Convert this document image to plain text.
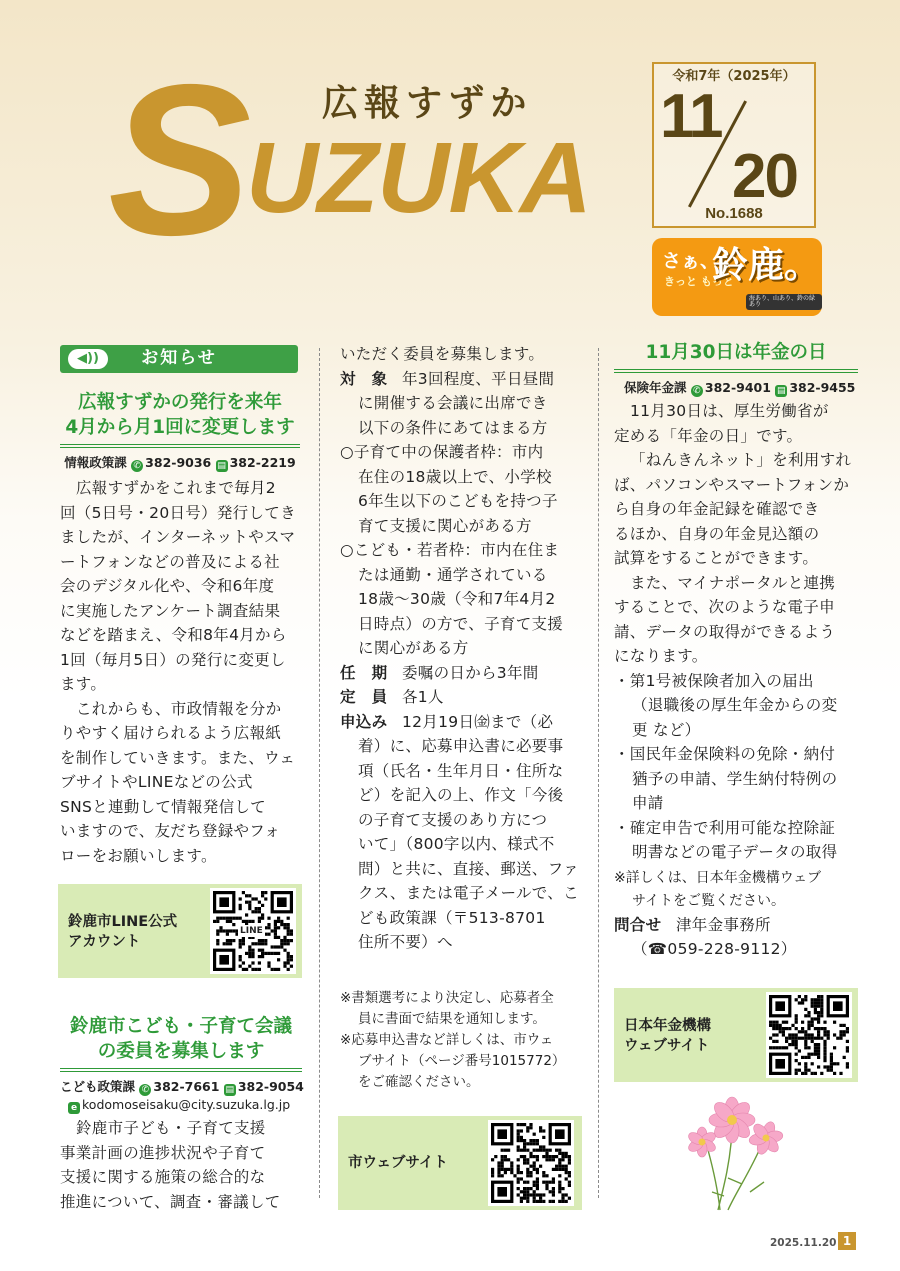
S UZUKA
広報すずか
令和7年（2025年）
11
20
No.1688
さぁ、
きっと もっと
鈴鹿。
海あり、山あり、鈴の緑あり
◀))	お知らせ
広報すずかの発行を来年
4月から月1回に変更します
情報政策課 ✆ 382-9036 ▤ 382-2219
広報すずかをこれまで毎月2
回（5日号・20日号）発行してき
ましたが、インターネットやスマ
ートフォンなどの普及による社
会のデジタル化や、令和6年度
に実施したアンケート調査結果
などを踏まえ、令和8年4月から
1回（毎月5日）の発行に変更し
ます。
これからも、市政情報を分か
りやすく届けられるよう広報紙
を制作していきます。また、ウェ
ブサイトやLINEなどの公式
SNSと連動して情報発信して
いますので、友だち登録やフォ
ローをお願いします。
鈴鹿市LINE公式
アカウント
LINE
鈴鹿市こども・子育て会議
の委員を募集します
こども政策課 ✆ 382-7661 ▤ 382-9054
e kodomoseisaku@city.suzuka.lg.jp
鈴鹿市子ども・子育て支援
事業計画の進捗状況や子育て
支援に関する施策の総合的な
推進について、調査・審議して
いただく委員を募集します。
対　象 年3回程度、平日昼間
に開催する会議に出席でき
以下の条件にあてはまる方
○子育て中の保護者枠：市内
在住の18歳以上で、小学校
6年生以下のこどもを持つ子
育て支援に関心がある方
○こども・若者枠：市内在住ま
たは通勤・通学されている
18歳～30歳（令和7年4月2
日時点）の方で、子育て支援
に関心がある方
任　期 委嘱の日から3年間
定　員 各1人
申込み 12月19日㈮まで（必
着）に、応募申込書に必要事
項（氏名・生年月日・住所な
ど）を記入の上、作文「今後
の子育て支援のあり方につ
いて」（800字以内、様式不
問）と共に、直接、郵送、ファ
クス、または電子メールで、こ
ども政策課（〒513-8701
住所不要）へ
※書類選考により決定し、応募者全
員に書面で結果を通知します。
※応募申込書など詳しくは、市ウェ
ブサイト（ページ番号1015772）
をご確認ください。
市ウェブサイト
11月30日は年金の日
保険年金課 ✆ 382-9401 ▤ 382-9455
11月30日は、厚生労働省が
定める「年金の日」です。
「ねんきんネット」を利用すれ
ば、パソコンやスマートフォンか
ら自身の年金記録を確認でき
るほか、自身の年金見込額の
試算をすることができます。
また、マイナポータルと連携
することで、次のような電子申
請、データの取得ができるよう
になります。
・第1号被保険者加入の届出
（退職後の厚生年金からの変
更 など）
・国民年金保険料の免除・納付
猶予の申請、学生納付特例の
申請
・確定申告で利用可能な控除証
明書などの電子データの取得
※詳しくは、日本年金機構ウェブ
サイトをご覧ください。
問合せ 津年金事務所
（☎059-228-9112）
日本年金機構
ウェブサイト
2025.11.20 1
